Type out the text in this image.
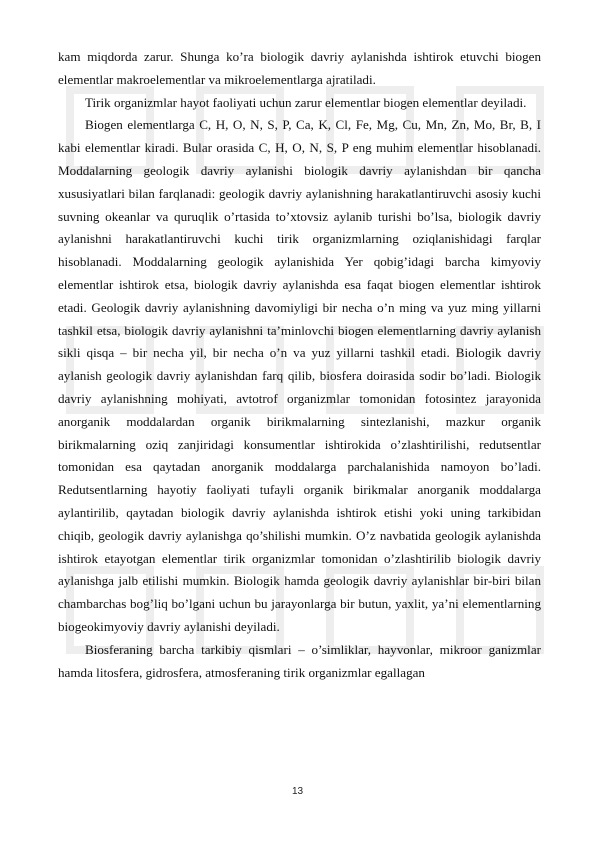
kam miqdorda zarur. Shunga ko’ra biologik davriy aylanishda ishtirok etuvchi biogen elementlar makroelementlar va mikroelementlarga ajratiladi.

Tirik organizmlar hayot faoliyati uchun zarur elementlar biogen elementlar deyiladi.

Biogen elementlarga C, H, O, N, S, P, Ca, K, Cl, Fe, Mg, Cu, Mn, Zn, Mo, Br, B, I kabi elementlar kiradi. Bular orasida C, H, O, N, S, P eng muhim elementlar hisoblanadi. Moddalarning geologik davriy aylanishi biologik davriy aylanishdan bir qancha xususiyatlari bilan farqlanadi: geologik davriy aylanishning harakatlantiruvchi asosiy kuchi suvning okeanlar va quruqlik o’rtasida to’xtovsiz aylanib turishi bo’lsa, biologik davriy aylanishni harakatlantiruvchi kuchi tirik organizmlarning oziqlanishidagi farqlar hisoblanadi. Moddalarning geologik aylanishida Yer qobig’idagi barcha kimyoviy elementlar ishtirok etsa, biologik davriy aylanishda esa faqat biogen elementlar ishtirok etadi. Geologik davriy aylanishning davomiyligi bir necha o’n ming va yuz ming yillarni tashkil etsa, biologik davriy aylanishni ta’minlovchi biogen elementlarning davriy aylanish sikli qisqa – bir necha yil, bir necha o’n va yuz yillarni tashkil etadi. Biologik davriy aylanish geologik davriy aylanishdan farq qilib, biosfera doirasida sodir bo’ladi. Biologik davriy aylanishning mohiyati, avtotrof organizmlar tomonidan fotosintez jarayonida anorganik moddalardan organik birikmalarning sintezlanishi, mazkur organik birikmalarning oziq zanjiridagi konsumentlar ishtirokida o’zlashtirilishi, redutsentlar tomonidan esa qaytadan anorganik moddalarga parchalanishida namoyon bo’ladi. Redutsentlarning hayotiy faoliyati tufayli organik birikmalar anorganik moddalarga aylantirilib, qaytadan biologik davriy aylanishda ishtirok etishi yoki uning tarkibidan chiqib, geologik davriy aylanishga qo’shilishi mumkin. O’z navbatida geologik aylanishda ishtirok etayotgan elementlar tirik organizmlar tomonidan o’zlashtirilib biologik davriy aylanishga jalb etilishi mumkin. Biologik hamda geologik davriy aylanishlar bir-biri bilan chambarchas bog’liq bo’lgani uchun bu jarayonlarga bir butun, yaxlit, ya’ni elementlarning biogeokimyoviy davriy aylanishi deyiladi.

Biosferaning barcha tarkibiy qismlari – o’simliklar, hayvonlar, mikroor ganizmlar hamda litosfera, gidrosfera, atmosferaning tirik organizmlar egallagan

13
